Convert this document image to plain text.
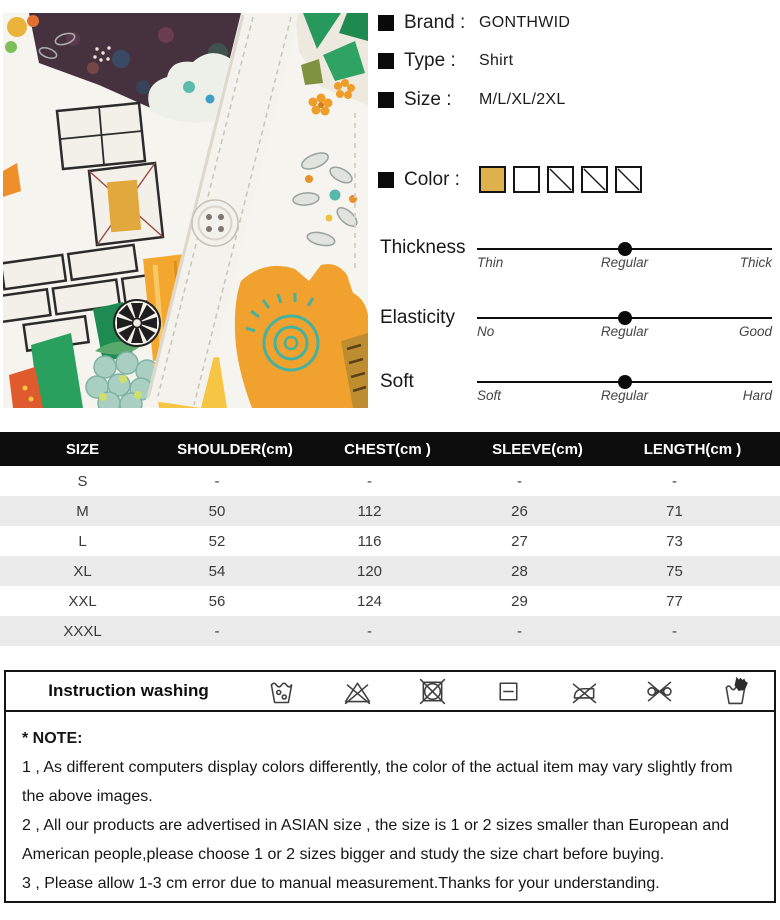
Brand : GONTHWID
Type :	Shirt
Size :	M/L/XL/2XL
Color :
Thickness
Thin	Regular	Thick
Elasticity
No	Regular	Good
Soft
Soft	Regular	Hard
SIZE	SHOULDER(cm)	CHEST(cm )	SLEEVE(cm)	LENGTH(cm )
S	-	-	-	-
M	50	112	26	71
L	52	116	27	73
XL	54	120	28	75
XXL	56	124	29	77
XXXL	-	-	-	-
Instruction washing

* NOTE:

1 , As different computers display colors differently, the color of the actual item may vary slightly from the above images.

2 , All our products are advertised in ASIAN size , the size is 1 or 2 sizes smaller than European and American people,please choose 1 or 2 sizes bigger and study the size chart before buying.

3 , Please allow 1-3 cm error due to manual measurement.Thanks for your understanding.
